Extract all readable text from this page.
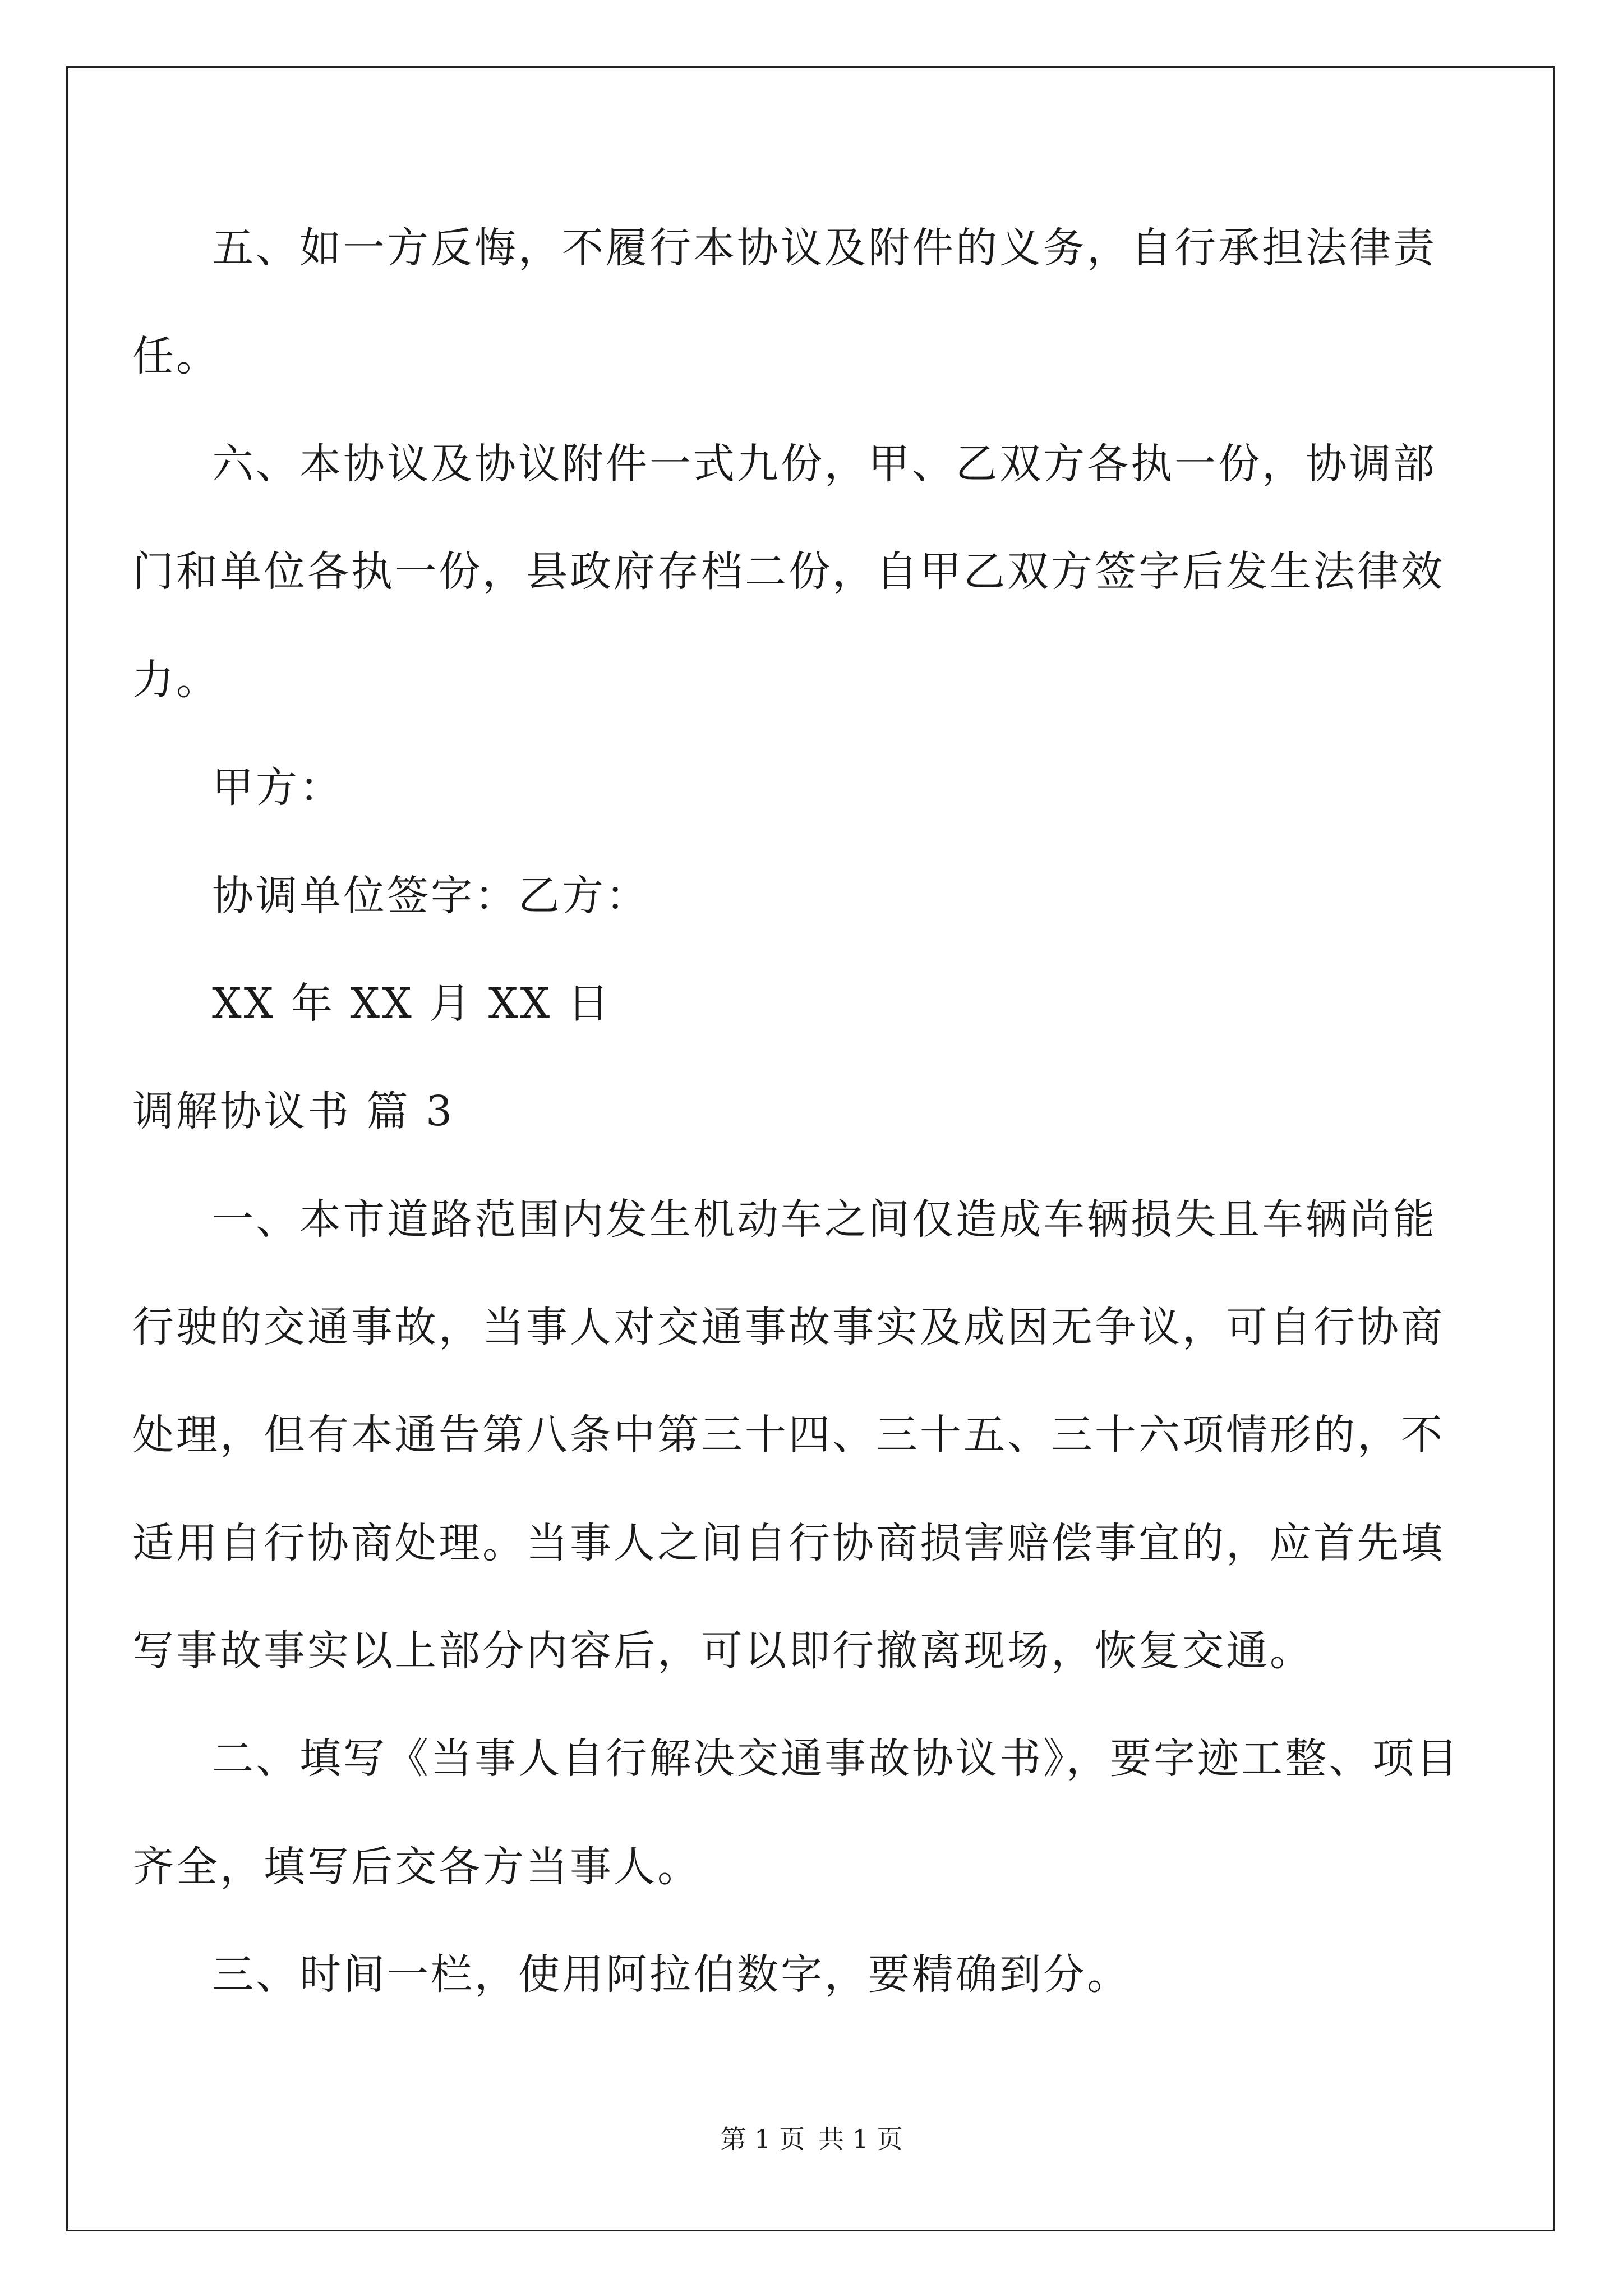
五、如一方反悔，不履行本协议及附件的义务，自行承担法律责
任。
六、本协议及协议附件一式九份，甲、乙双方各执一份，协调部
门和单位各执一份，县政府存档二份，自甲乙双方签字后发生法律效
力。
甲方：
协调单位签字：乙方：
XX 年 XX 月 XX 日
调解协议书 篇 3
一、本市道路范围内发生机动车之间仅造成车辆损失且车辆尚能
行驶的交通事故，当事人对交通事故事实及成因无争议，可自行协商
处理，但有本通告第八条中第三十四、三十五、三十六项情形的，不
适用自行协商处理。当事人之间自行协商损害赔偿事宜的，应首先填
写事故事实以上部分内容后，可以即行撤离现场，恢复交通。
二、填写《当事人自行解决交通事故协议书》，要字迹工整、项目
齐全，填写后交各方当事人。
三、时间一栏，使用阿拉伯数字，要精确到分。
第 1 页 共 1 页
